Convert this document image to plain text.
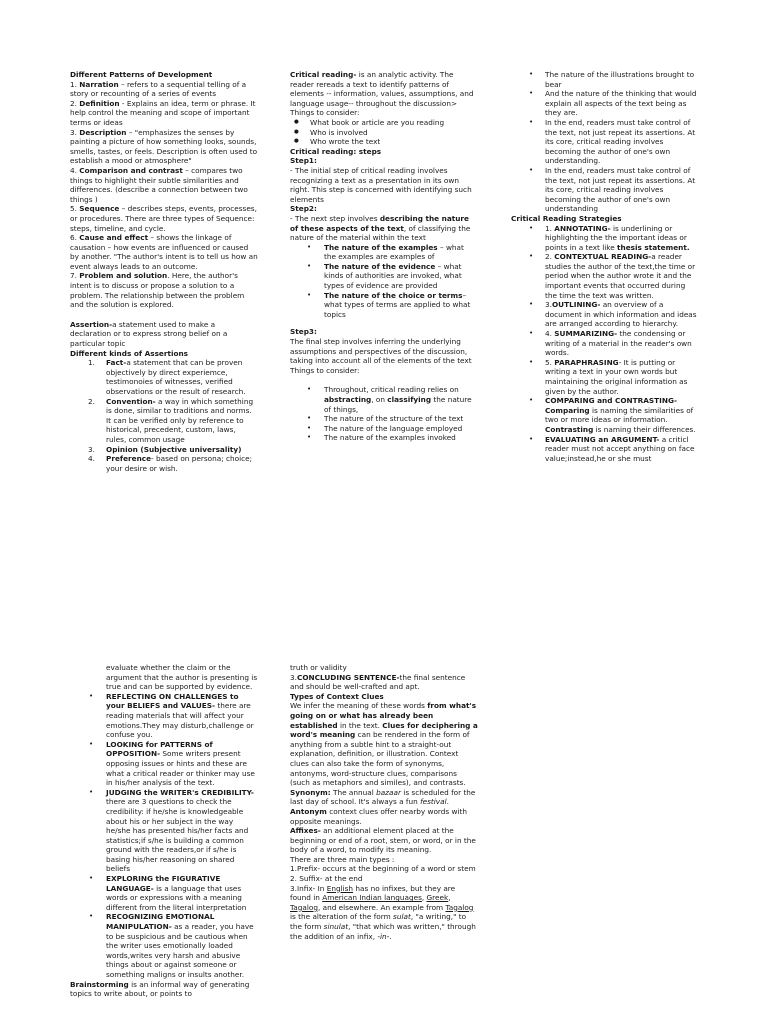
Different Patterns of Development

1. Narration – refers to a sequential telling of a story or recounting of a series of events

2. Definition - Explains an idea, term or phrase. It help control the meaning and scope of important terms or ideas

3. Description – "emphasizes the senses by painting a picture of how something looks, sounds, smells, tastes, or feels. Description is often used to establish a mood or atmosphere"

4. Comparison and contrast – compares two things to highlight their subtle similarities and differences. (describe a connection between two things )

5. Sequence – describes steps, events, processes, or procedures. There are three types of Sequence: steps, timeline, and cycle.

6. Cause and effect – shows the linkage of causation – how events are influenced or caused by another. "The author's intent is to tell us how an event always leads to an outcome.

7. Problem and solution. Here, the author's intent is to discuss or propose a solution to a problem. The relationship between the problem and the solution is explored.

Assertion-a statement used to make a declaration or to express strong belief on a particular topic

Different kinds of Assertions

1. Fact-a statement that can be proven objectively by direct experiemce, testimonoies of witnesses, verified observations or the result of research.
2. Convention- a way in which something is done, similar to traditions and norms. It can be verified only by reference to historical, precedent, custom, laws, rules, common usage
3. Opinion (Subjective universality)
4. Preference- based on persona; choice; your desire or wish.

Critical reading- is an analytic activity. The reader rereads a text to identify patterns of elements -- information, values, assumptions, and language usage-- throughout the discussion>

Things to consider:

● What book or article are you reading
● Who is involved
● Who wrote the text

Critical reading: steps

Step1:

- The initial step of critical reading involves recognizing a text as a presentation in its own right. This step is concerned with identifying such elements

Step2:

- The next step involves describing the nature of these aspects of the text, of classifying the nature of the material within the text

• The nature of the examples – what the examples are examples of
• The nature of the evidence – what kinds of authorities are invoked, what types of evidence are provided
• The nature of the choice or terms– what types of terms are applied to what topics

Step3:

The final step involves inferring the underlying assumptions and perspectives of the discussion, taking into account all of the elements of the text

Things to consider:

• Throughout, critical reading relies on abstracting, on classifying the nature of things,
• The nature of the structure of the text
• The nature of the language employed
• The nature of the examples invoked
• The nature of the illustrations brought to bear
• And the nature of the thinking that would explain all aspects of the text being as they are.
• In the end, readers must take control of the text, not just repeat its assertions. At its core, critical reading involves becoming the author of one's own understanding.
• In the end, readers must take control of the text, not just repeat its assertions. At its core, critical reading involves becoming the author of one's own understanding

Critical Reading Strategies

• 1. ANNOTATING- is underlining or highlighting the the important ideas or points in a text like thesis statement.
• 2. CONTEXTUAL READING-a reader studies the author of the text,the time or period when the author wrote it and the important events that occurred during the time the text was written.
• 3.OUTLINING- an overview of a document in which information and ideas are arranged according to hierarchy.
• 4. SUMMARIZING- the condensing or writing of a material in the reader's own words.
• 5. PARAPHRASING- It is putting or writing a text in your own words but maintaining the original information as given by the author.
• COMPARING and CONTRASTING-
Comparing is naming the similarities of two or more ideas or information. Contrasting is naming their differences.
• EVALUATING an ARGUMENT- a criticl reader must not accept anything on face value;instead,he or she must

evaluate whether the claim or the argument that the author is presenting is true and can be supported by evidence.

• REFLECTING ON CHALLENGES to your BELIEFS and VALUES- there are reading materials that will affect your emotions.They may disturb,challenge or confuse you.
• LOOKING for PATTERNS of OPPOSITION- Some writers present opposing issues or hints and these are what a critical reader or thinker may use in his/her analysis of the text.
• JUDGING the WRITER's CREDIBILITY- there are 3 questions to check the credibility: if he/she is knowledgeable about his or her subject in the way he/she has presented his/her facts and statistics;if s/he is building a common ground with the readers,or if s/he is basing his/her reasoning on shared beliefs
• EXPLORING the FIGURATIVE LANGUAGE- is a language that uses words or expressions with a meaning different from the literal interpretation
• RECOGNIZING EMOTIONAL MANIPULATION- as a reader, you have to be suspicious and be cautious when the writer uses emotionally loaded words,writes very harsh and abusive things about or against someone or something maligns or insults another.

Brainstorming is an informal way of generating topics to write about, or points to

truth or validity

3.CONCLUDING SENTENCE-the final sentence and should be well-crafted and apt.

Types of Context Clues

We infer the meaning of these words from what's going on or what has already been established in the text. Clues for deciphering a word's meaning can be rendered in the form of anything from a subtle hint to a straight-out explanation, definition, or illustration. Context clues can also take the form of synonyms, antonyms, word-structure clues, comparisons (such as metaphors and similes), and contrasts.

Synonym: The annual bazaar is scheduled for the last day of school. It's always a fun festival.

Antonym context clues offer nearby words with opposite meanings.

Affixes- an additional element placed at the beginning or end of a root, stem, or word, or in the body of a word, to modify its meaning.

There are three main types :

1.Prefix- occurs at the beginning of a word or stem

2. Suffix- at the end

3.Infix- In English has no infixes, but they are found in American Indian languages, Greek, Tagalog, and elsewhere. An example from Tagalog is the alteration of the form sulat, "a writing," to the form sinulat, "that which was written," through the addition of an infix, -in-.
